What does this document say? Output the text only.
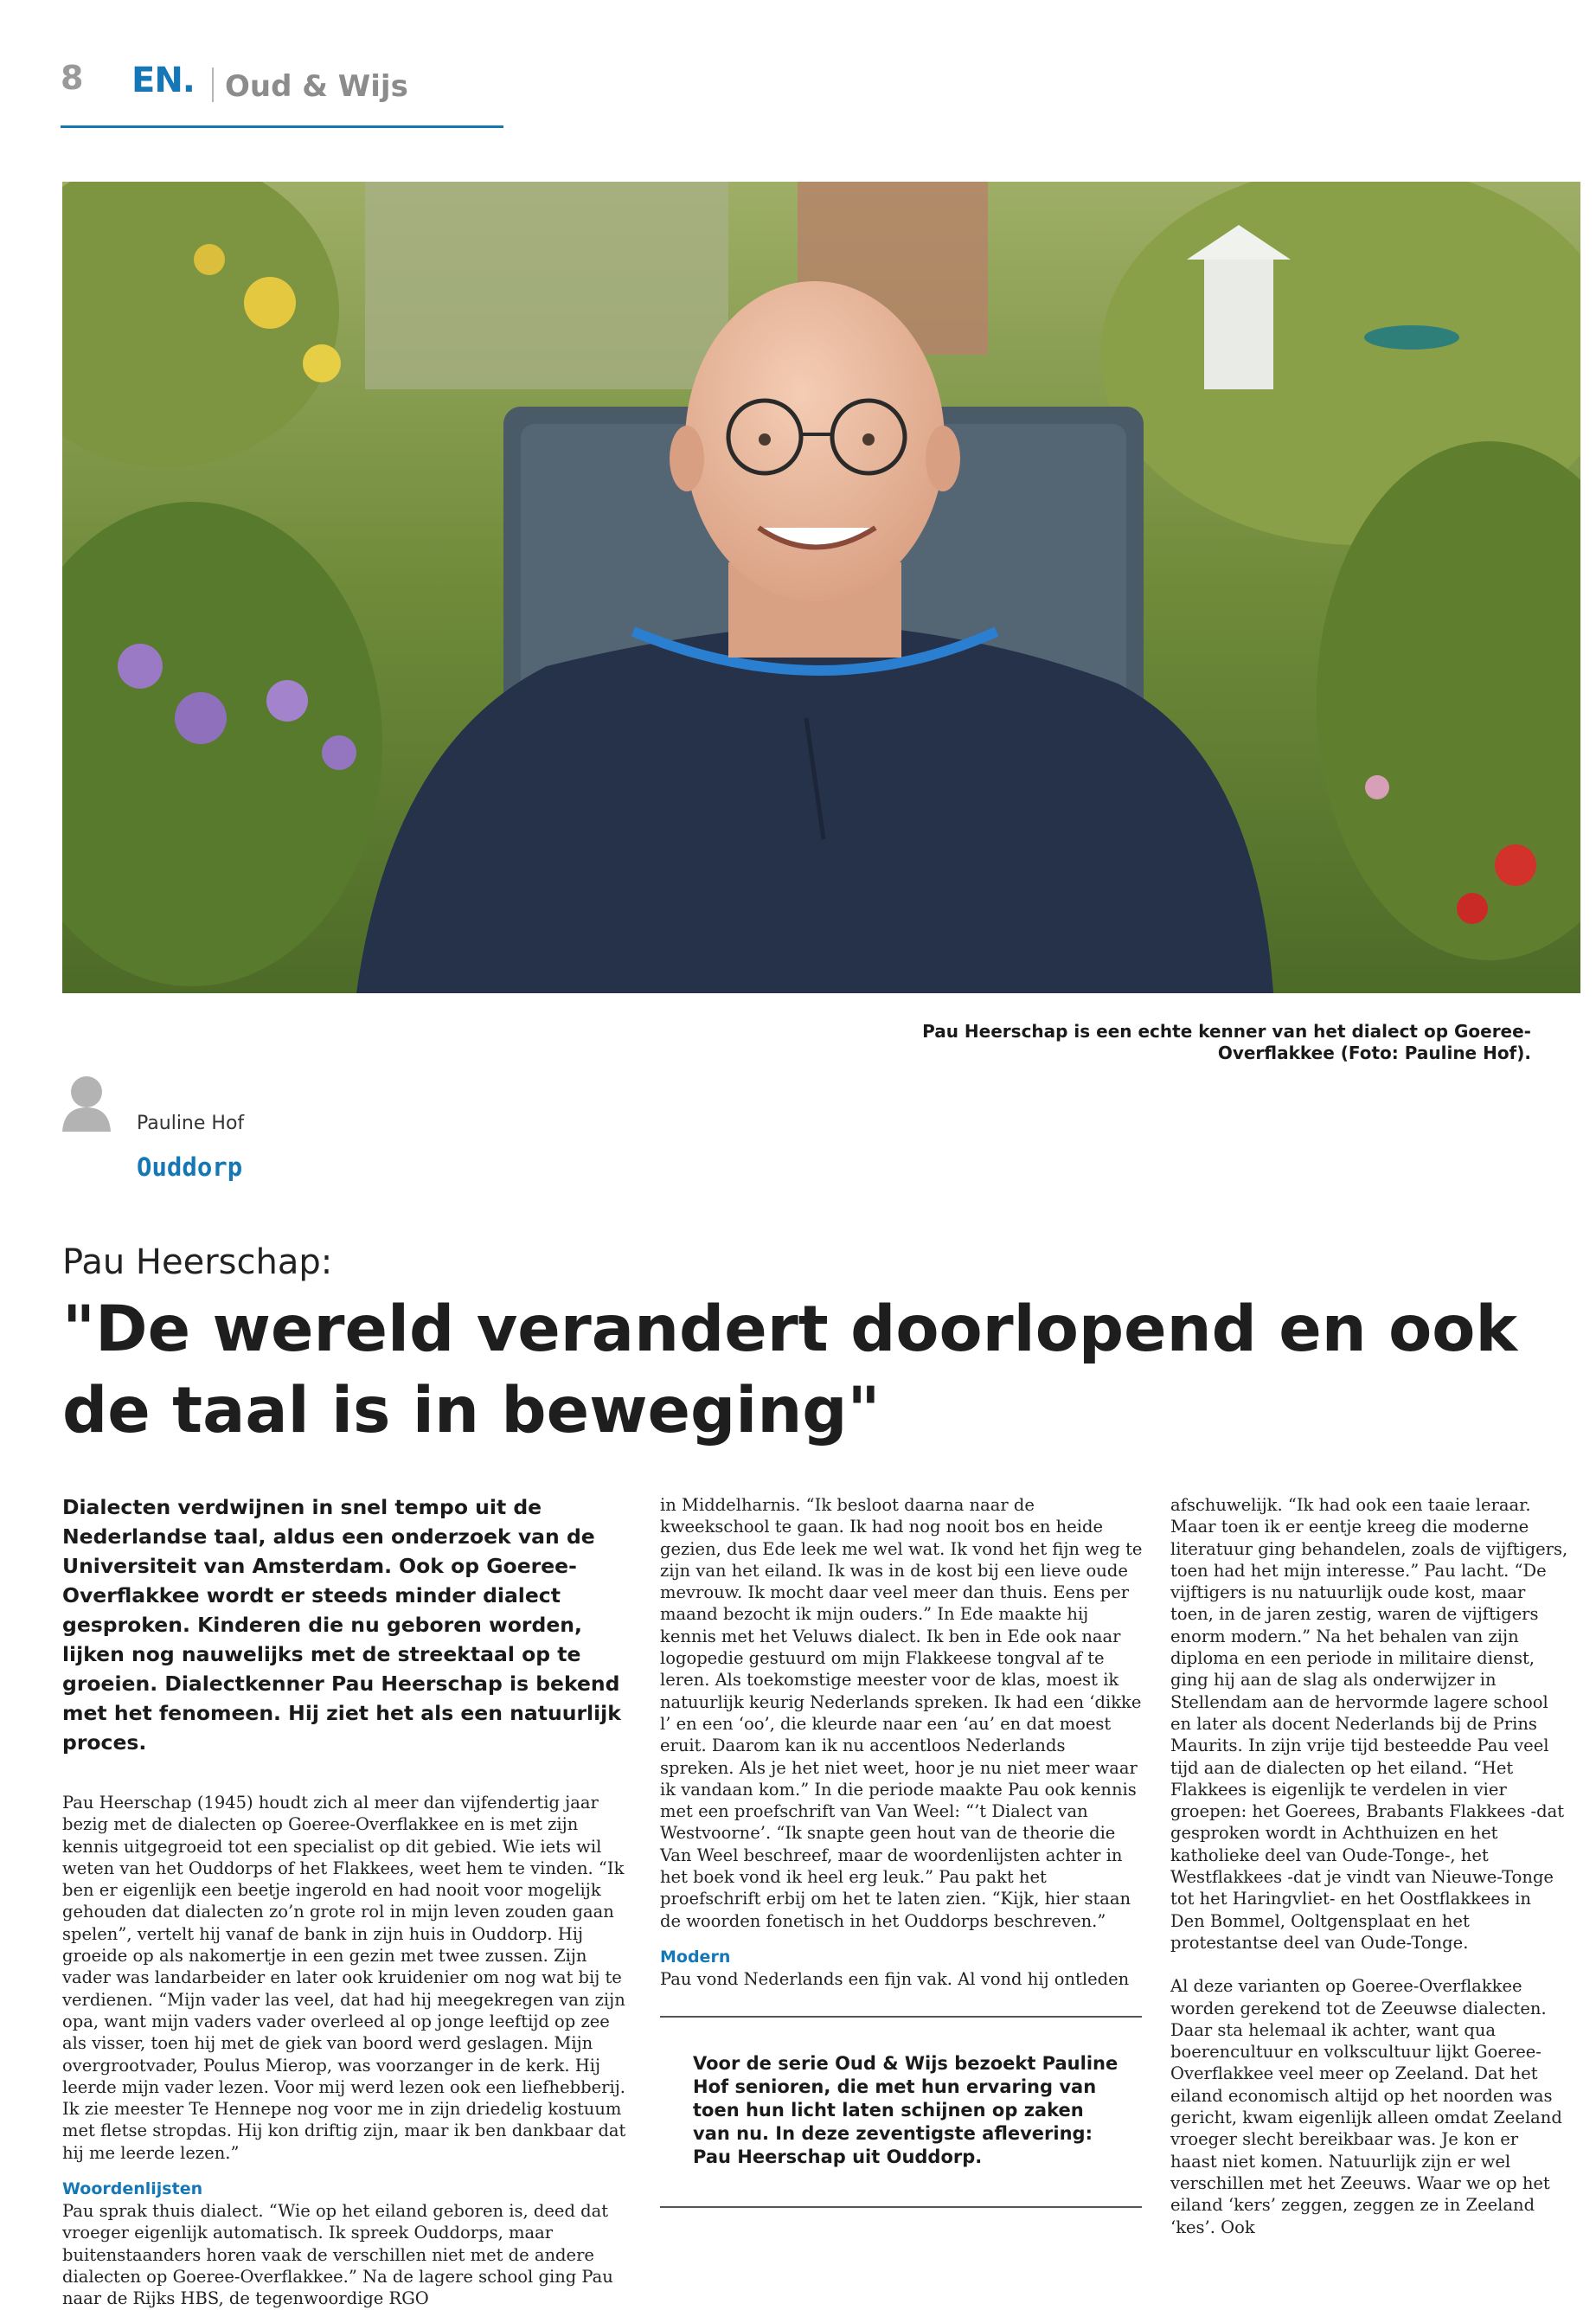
8 EN. Oud & Wijs
Pau Heerschap is een echte kenner van het dialect op Goeree-Overflakkee (Foto: Pauline Hof).
Pauline Hof
Ouddorp
Pau Heerschap:
"De wereld verandert doorlopend en ook de taal is in beweging"

Dialecten verdwijnen in snel tempo uit de Nederlandse taal, aldus een onderzoek van de Universiteit van Amsterdam. Ook op Goeree-Overflakkee wordt er steeds minder dialect gesproken. Kinderen die nu geboren worden, lijken nog nauwelijks met de streektaal op te groeien. Dialectkenner Pau Heerschap is bekend met het fenomeen. Hij ziet het als een natuurlijk proces.

Pau Heerschap (1945) houdt zich al meer dan vijfendertig jaar bezig met de dialecten op Goeree-Overflakkee en is met zijn kennis uitgegroeid tot een specialist op dit gebied. Wie iets wil weten van het Ouddorps of het Flakkees, weet hem te vinden. “Ik ben er eigenlijk een beetje ingerold en had nooit voor mogelijk gehouden dat dialecten zo’n grote rol in mijn leven zouden gaan spelen”, vertelt hij vanaf de bank in zijn huis in Ouddorp. Hij groeide op als nakomertje in een gezin met twee zussen. Zijn vader was landarbeider en later ook kruidenier om nog wat bij te verdienen. “Mijn vader las veel, dat had hij meegekregen van zijn opa, want mijn vaders vader overleed al op jonge leeftijd op zee als visser, toen hij met de giek van boord werd geslagen. Mijn overgrootvader, Poulus Mierop, was voorzanger in de kerk. Hij leerde mijn vader lezen. Voor mij werd lezen ook een liefhebberij. Ik zie meester Te Hennepe nog voor me in zijn driedelig kostuum met fletse stropdas. Hij kon driftig zijn, maar ik ben dankbaar dat hij me leerde lezen.”

Woordenlijsten

Pau sprak thuis dialect. “Wie op het eiland geboren is, deed dat vroeger eigenlijk automatisch. Ik spreek Ouddorps, maar buitenstaanders horen vaak de verschillen niet met de andere dialecten op Goeree-Overflakkee.” Na de lagere school ging Pau naar de Rijks HBS, de tegenwoordige RGO

in Middelharnis. “Ik besloot daarna naar de kweekschool te gaan. Ik had nog nooit bos en heide gezien, dus Ede leek me wel wat. Ik vond het fijn weg te zijn van het eiland. Ik was in de kost bij een lieve oude mevrouw. Ik mocht daar veel meer dan thuis. Eens per maand bezocht ik mijn ouders.” In Ede maakte hij kennis met het Veluws dialect. Ik ben in Ede ook naar logopedie gestuurd om mijn Flakkeese tongval af te leren. Als toekomstige meester voor de klas, moest ik natuurlijk keurig Nederlands spreken. Ik had een ‘dikke l’ en een ‘oo’, die kleurde naar een ‘au’ en dat moest eruit. Daarom kan ik nu accentloos Nederlands spreken. Als je het niet weet, hoor je nu niet meer waar ik vandaan kom.” In die periode maakte Pau ook kennis met een proefschrift van Van Weel: “’t Dialect van Westvoorne’. “Ik snapte geen hout van de theorie die Van Weel beschreef, maar de woordenlijsten achter in het boek vond ik heel erg leuk.” Pau pakt het proefschrift erbij om het te laten zien. “Kijk, hier staan de woorden fonetisch in het Ouddorps beschreven.”

Modern

Pau vond Nederlands een fijn vak. Al vond hij ontleden

Voor de serie Oud & Wijs bezoekt Pauline Hof senioren, die met hun ervaring van toen hun licht laten schijnen op zaken van nu. In deze zeventigste aflevering: Pau Heerschap uit Ouddorp.

afschuwelijk. “Ik had ook een taaie leraar. Maar toen ik er eentje kreeg die moderne literatuur ging behandelen, zoals de vijftigers, toen had het mijn interesse.” Pau lacht. “De vijftigers is nu natuurlijk oude kost, maar toen, in de jaren zestig, waren de vijftigers enorm modern.” Na het behalen van zijn diploma en een periode in militaire dienst, ging hij aan de slag als onderwijzer in Stellendam aan de hervormde lagere school en later als docent Nederlands bij de Prins Maurits. In zijn vrije tijd besteedde Pau veel tijd aan de dialecten op het eiland. “Het Flakkees is eigenlijk te verdelen in vier groepen: het Goerees, Brabants Flakkees -dat gesproken wordt in Achthuizen en het katholieke deel van Oude-Tonge-, het Westflakkees -dat je vindt van Nieuwe-Tonge tot het Haringvliet- en het Oostflakkees in Den Bommel, Ooltgensplaat en het protestantse deel van Oude-Tonge.

Al deze varianten op Goeree-Overflakkee worden gerekend tot de Zeeuwse dialecten. Daar sta helemaal ik achter, want qua boerencultuur en volkscultuur lijkt Goeree-Overflakkee veel meer op Zeeland. Dat het eiland economisch altijd op het noorden was gericht, kwam eigenlijk alleen omdat Zeeland vroeger slecht bereikbaar was. Je kon er haast niet komen. Natuurlijk zijn er wel verschillen met het Zeeuws. Waar we op het eiland ‘kers’ zeggen, zeggen ze in Zeeland ‘kes’. Ook
